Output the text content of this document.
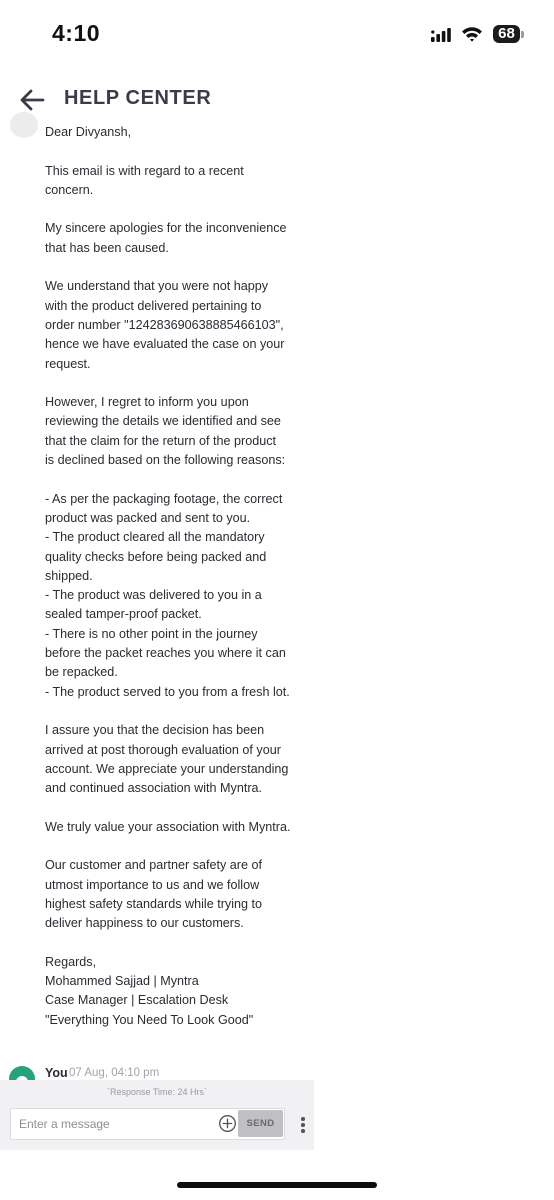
4:10	68
HELP CENTER

Dear Divyansh,

This email is with regard to a recent
concern.

My sincere apologies for the inconvenience
that has been caused.

We understand that you were not happy
with the product delivered pertaining to
order number "124283690638885466103",
hence we have evaluated the case on your
request.

However, I regret to inform you upon
reviewing the details we identified and see
that the claim for the return of the product
is declined based on the following reasons:

- As per the packaging footage, the correct
product was packed and sent to you.
- The product cleared all the mandatory
quality checks before being packed and
shipped.
- The product was delivered to you in a
sealed tamper-proof packet.
- There is no other point in the journey
before the packet reaches you where it can
be repacked.
- The product served to you from a fresh lot.

I assure you that the decision has been
arrived at post thorough evaluation of your
account. We appreciate your understanding
and continued association with Myntra.

We truly value your association with Myntra.

Our customer and partner safety are of
utmost importance to us and we follow
highest safety standards while trying to
deliver happiness to our customers.

Regards,
Mohammed Sajjad | Myntra
Case Manager | Escalation Desk
"Everything You Need To Look Good"

You 07 Aug, 04:10 pm
`Response Time: 24 Hrs`
Enter a message
SEND
